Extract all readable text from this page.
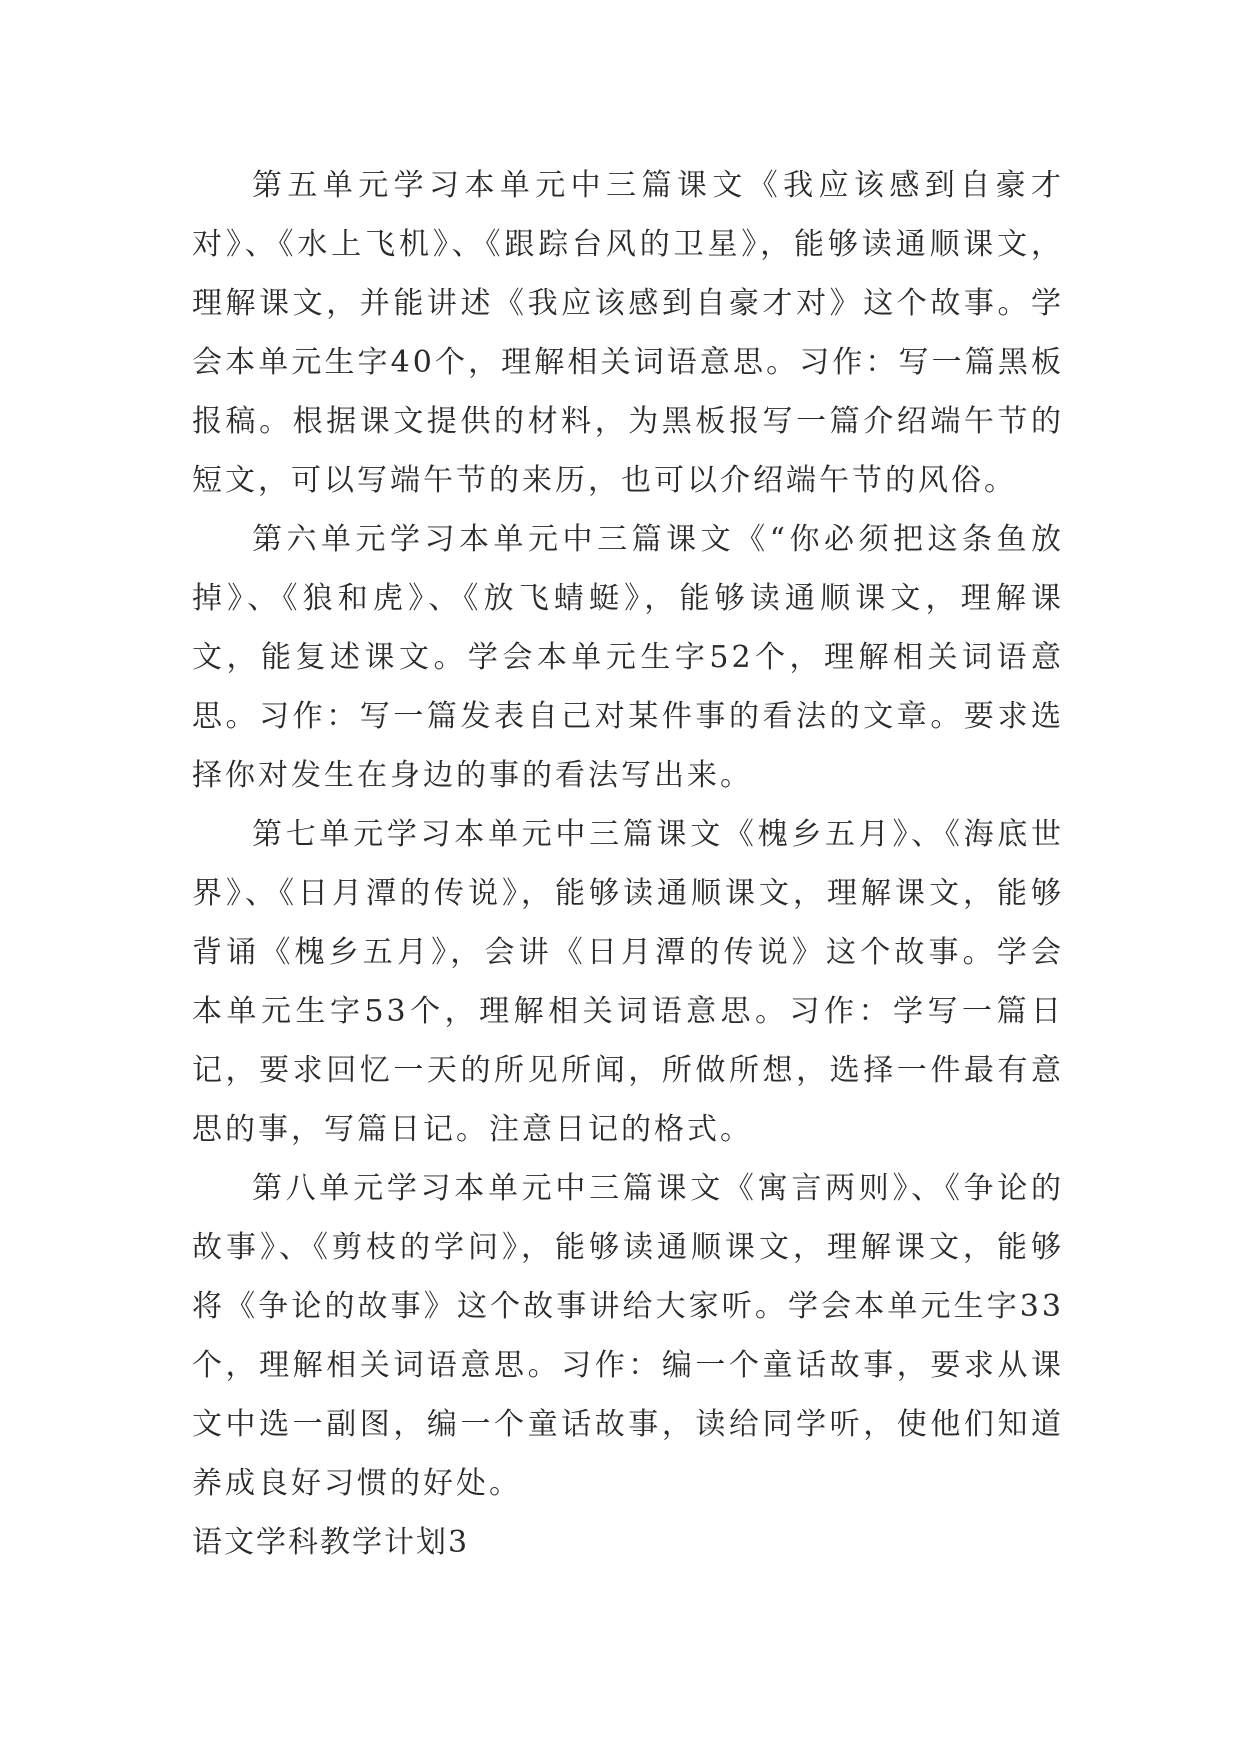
第五单元学习本单元中三篇课文《我应该感到自豪才对》、《水上飞机》、《跟踪台风的卫星》，能够读通顺课文，理解课文，并能讲述《我应该感到自豪才对》这个故事。学会本单元生字40个，理解相关词语意思。习作：写一篇黑板报稿。根据课文提供的材料，为黑板报写一篇介绍端午节的短文，可以写端午节的来历，也可以介绍端午节的风俗。

第六单元学习本单元中三篇课文《“你必须把这条鱼放掉》、《狼和虎》、《放飞蜻蜓》，能够读通顺课文，理解课文，能复述课文。学会本单元生字52个，理解相关词语意思。习作：写一篇发表自己对某件事的看法的文章。要求选择你对发生在身边的事的看法写出来。

第七单元学习本单元中三篇课文《槐乡五月》、《海底世界》、《日月潭的传说》，能够读通顺课文，理解课文，能够背诵《槐乡五月》，会讲《日月潭的传说》这个故事。学会本单元生字53个，理解相关词语意思。习作：学写一篇日记，要求回忆一天的所见所闻，所做所想，选择一件最有意思的事，写篇日记。注意日记的格式。

第八单元学习本单元中三篇课文《寓言两则》、《争论的故事》、《剪枝的学问》，能够读通顺课文，理解课文，能够将《争论的故事》这个故事讲给大家听。学会本单元生字33个，理解相关词语意思。习作：编一个童话故事，要求从课文中选一副图，编一个童话故事，读给同学听，使他们知道养成良好习惯的好处。

语文学科教学计划3
